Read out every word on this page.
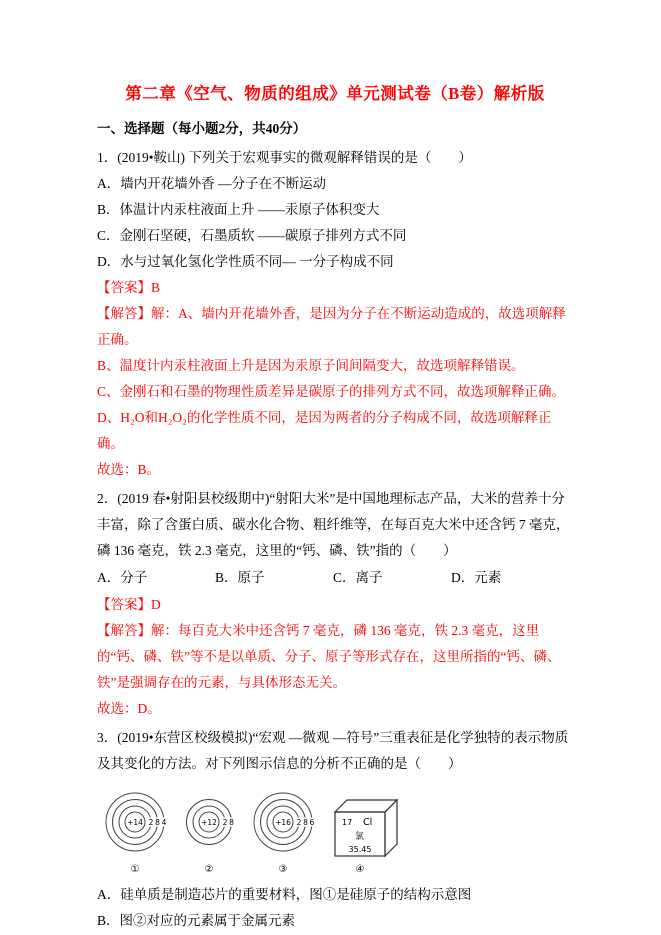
第二章《空气、物质的组成》单元测试卷（B卷）解析版
一、选择题（每小题2分，共40分）
1．(2019•鞍山) 下列关于宏观事实的微观解释错误的是（　　）
A．墙内开花墙外香 —分子在不断运动
B．体温计内汞柱液面上升 ——汞原子体积变大
C．金刚石坚硬，石墨质软 ——碳原子排列方式不同
D．水与过氧化氢化学性质不同— 一分子构成不同
【答案】B
【解答】解：A、墙内开花墙外香，是因为分子在不断运动造成的，故选项解释正确。
B、温度计内汞柱液面上升是因为汞原子间间隔变大，故选项解释错误。
C、金刚石和石墨的物理性质差异是碳原子的排列方式不同，故选项解释正确。
D、H₂O和H₂O₂的化学性质不同，是因为两者的分子构成不同，故选项解释正确。
故选：B。
2．(2019 春•射阳县校级期中)“射阳大米”是中国地理标志产品，大米的营养十分丰富，除了含蛋白质、碳水化合物、粗纤维等，在每百克大米中还含钙 7 毫克，磷 136 毫克，铁 2.3 毫克，这里的“钙、磷、铁”指的（　　）
A．分子	B．原子	C．离子	D．元素
【答案】D
【解答】解：每百克大米中还含钙 7 毫克，磷 136 毫克，铁 2.3 毫克，这里的“钙、磷、铁”等不是以单质、分子、原子等形式存在，这里所指的“钙、磷、铁”是强调存在的元素，与具体形态无关。
故选：D。
3．(2019•东营区校级模拟)“宏观 —微观 —符号”三重表征是化学独特的表示物质及其变化的方法。对下列图示信息的分析不正确的是（　　）
+14 2 8 4
①
+12 2 8
②
+16 2 8 6
③
17 Cl
氯
35.45
④
A．硅单质是制造芯片的重要材料，图①是硅原子的结构示意图
B．图②对应的元素属于金属元素
